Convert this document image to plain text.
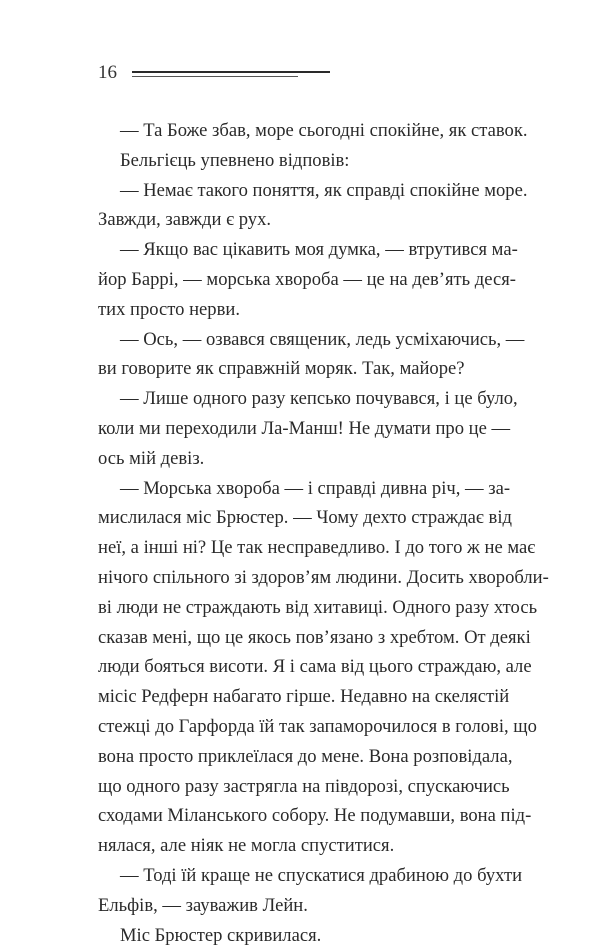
16
— Та Боже збав, море сьогодні спокійне, як ставок.
Бельгієць упевнено відповів:
— Немає такого поняття, як справді спокійне море.
Завжди, завжди є рух.
— Якщо вас цікавить моя думка, — втрутився ма-
йор Баррі, — морська хвороба — це на дев’ять деся-
тих просто нерви.
— Ось, — озвався священик, ледь усміхаючись, —
ви говорите як справжній моряк. Так, майоре?
— Лише одного разу кепсько почувався, і це було,
коли ми переходили Ла-Манш! Не думати про це —
ось мій девіз.
— Морська хвороба — і справді дивна річ, — за-
мислилася міс Брюстер. — Чому дехто страждає від
неї, а інші ні? Це так несправедливо. І до того ж не має
нічого спільного зі здоров’ям людини. Досить хворобли-
ві люди не страждають від хитавиці. Одного разу хтось
сказав мені, що це якось пов’язано з хребтом. От деякі
люди бояться висоти. Я і сама від цього страждаю, але
місіс Редферн набагато гірше. Недавно на скелястій
стежці до Гарфорда їй так запаморочилося в голові, що
вона просто приклеїлася до мене. Вона розповідала,
що одного разу застрягла на півдорозі, спускаючись
сходами Міланського собору. Не подумавши, вона під-
нялася, але ніяк не могла спуститися.
— Тоді їй краще не спускатися драбиною до бухти
Ельфів, — зауважив Лейн.
Міс Брюстер скривилася.
